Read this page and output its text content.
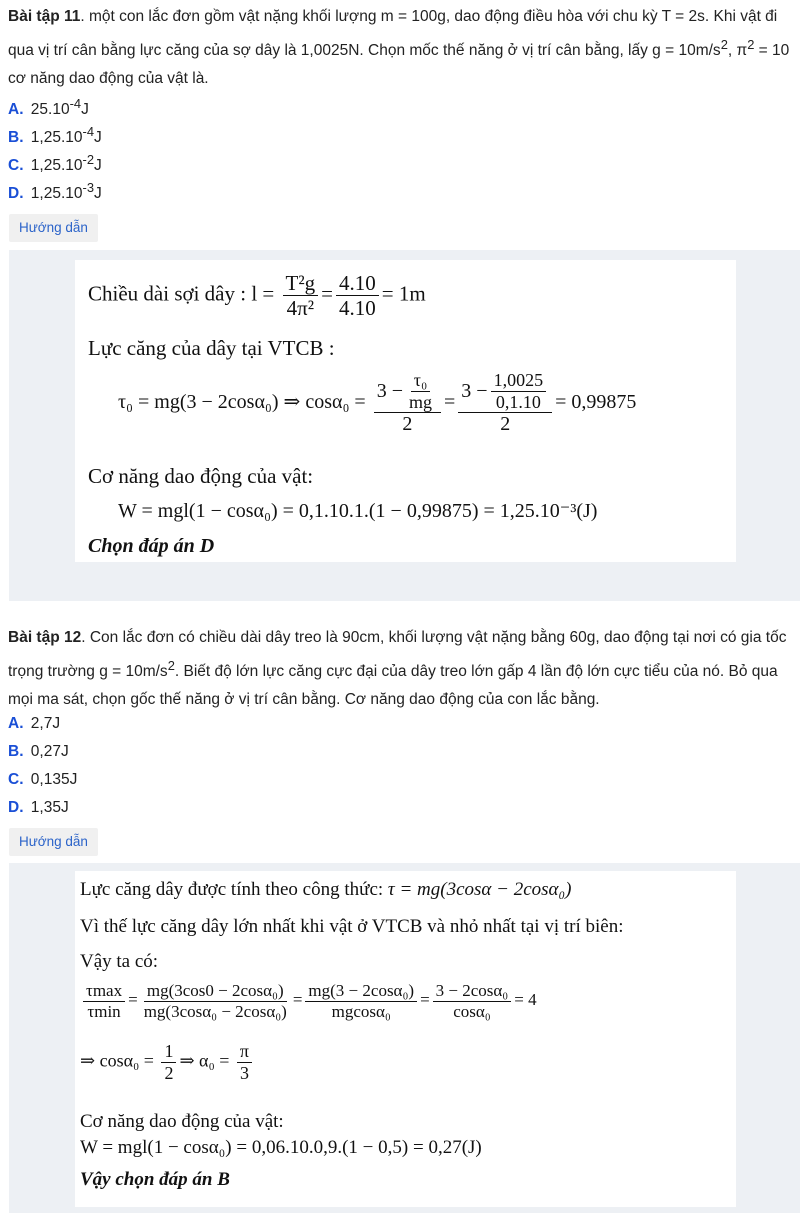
Bài tập 11. một con lắc đơn gồm vật nặng khối lượng m = 100g, dao động điều hòa với chu kỳ T = 2s. Khi vật đi qua vị trí cân bằng lực căng của sợ dây là 1,0025N. Chọn mốc thế năng ở vị trí cân bằng, lấy $g = 10m/s^2$, $\pi^2 = 10$ cơ năng dao động của vật là.
A. $25.10^{-4}J$
B. $1,25.10^{-4}J$
C. $1,25.10^{-2}J$
D. $1,25.10^{-3}J$
Hướng dẫn
Chiều dài sợi dây : $l = \frac{\text{T²g}}{\text{4π²}} = \frac{4.10}{4.10} = 1m$
Lực căng của dây tại VTCB :
τ₀ = mg(3 − 2cosα₀) ⇒ $\cos\alpha_0 = \frac{3 - \frac{\text{τ₀}}{mg}}{2} = \frac{3 - \frac{1,0025}{0,1.10}}{2} = 0,99875$
Cơ năng dao động của vật:
W = mgl(1 − cosα₀) = 0,1.10.1.(1 − 0,99875) = 1,25.10⁻³(J)
Chọn đáp án D
Bài tập 12. Con lắc đơn có chiều dài dây treo là 90cm, khối lượng vật nặng bằng 60g, dao động tại nơi có gia tốc trọng trường $g = 10m/s^2$. Biết độ lớn lực căng cực đại của dây treo lớn gấp 4 lần độ lớn cực tiểu của nó. Bỏ qua mọi ma sát, chọn gốc thế năng ở vị trí cân bằng. Cơ năng dao động của con lắc bằng.
A. 2,7J
B. 0,27J
C. 0,135J
D. 1,35J
Hướng dẫn
Lực căng dây được tính theo công thức: τ = mg(3cosα − 2cosα₀)
Vì thế lực căng dây lớn nhất khi vật ở VTCB và nhỏ nhất tại vị trí biên:
Vậy ta có:
$\frac{\tau\max}{\tau\min} = \frac{\text{mg(3cos0 − 2cosα₀)}}{\text{mg(3cosα₀ − 2cosα₀)}} = \frac{\text{mg(3 − 2cosα₀)}}{\text{mgcosα₀}} = \frac{\text{3 − 2cosα₀}}{\text{cosα₀}} = 4$
⇒ $\cos\alpha_0 = \frac{1}{2}$ ⇒ $\alpha_0 = \frac{\pi}{3}$
Cơ năng dao động của vật:
W = mgl(1 − cosα₀) = 0,06.10.0,9.(1 − 0,5) = 0,27(J)
Vậy chọn đáp án B
